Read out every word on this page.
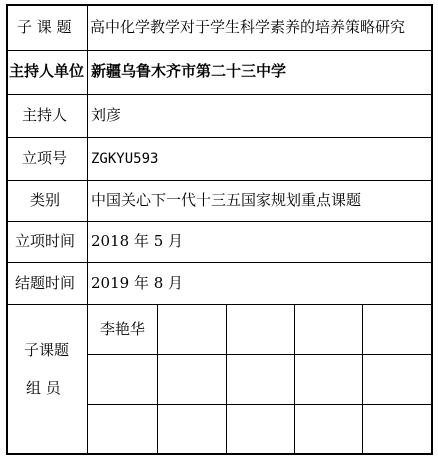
子 课 题
主持人单位
主持人
立项号
类别
立项时间
结题时间
高中化学教学对于学生科学素养的培养策略研究
新疆乌鲁木齐市第二十三中学
刘彦
ZGKYU593
中国关心下一代十三五国家规划重点课题
2018 年 5 月
2019 年 8 月
子课题
组 员
李艳华
